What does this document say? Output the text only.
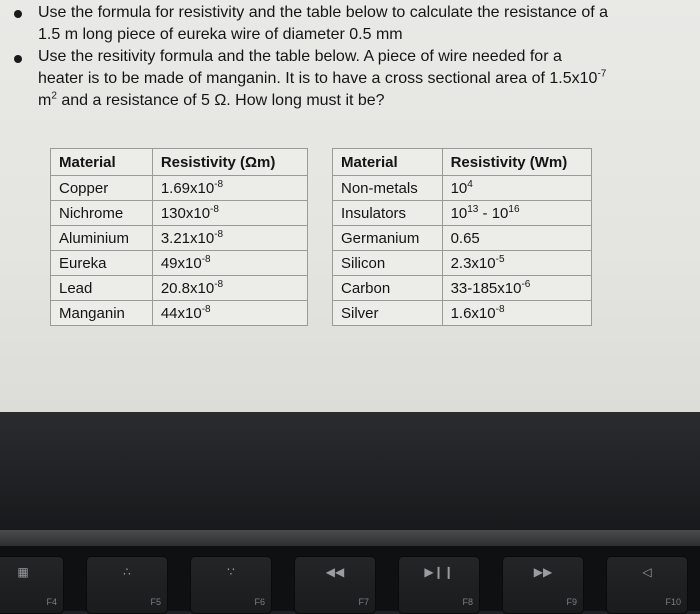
Use the formula for resistivity and the table below to calculate the resistance of a
1.5 m long piece of eureka wire of diameter 0.5 mm
Use the resitivity formula and the table below. A piece of wire needed for a
heater is to be made of manganin. It is to have a cross sectional area of $1.5x10^{-7}$
$m^2$ and a resistance of 5 Ω. How long must it be?
Material	Resistivity (Ωm)
Copper	$1.69x10^{-8}$
Nichrome	$130x10^{-8}$
Aluminium	$3.21x10^{-8}$
Eureka	$49x10^{-8}$
Lead	$20.8x10^{-8}$
Manganin	$44x10^{-8}$
Material	Resistivity (Wm)
Non-metals	$10^4$
Insulators	$10^{13} - 10^{16}$
Germanium	0.65
Silicon	$2.3x10^{-5}$
Carbon	$33-185x10^{-6}$
Silver	$1.6x10^{-8}$
▦
F4
∴
F5
∵
F6
◀◀
F7
▶❙❙
F8
▶▶
F9
◁
F10
